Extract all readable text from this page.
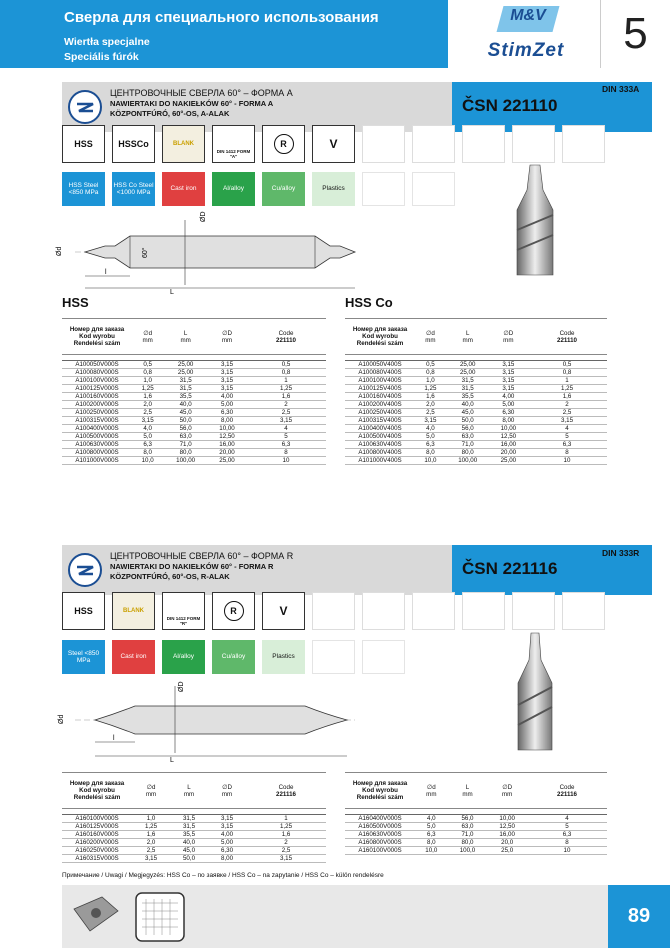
Сверла для специального использования
Wiertła specjalne
Speciális fúrók
M&V
StimZet	5
ЦЕНТРОВОЧНЫЕ СВЕРЛА 60° – ФОРМА А
NAWIERTAKI DO NAKIEŁKÓW 60° - FORMA A
KÖZPONTFÚRÓ, 60°-OS, A-ALAK	ČSN 221110
DIN 333A
HSS	HSSCo	BLANK
DIN 1412 FORM "A"
R	V
HSS Steel <850 MPa
HSS Co Steel <1000 MPa
Cast iron	Al/alloy	Cu/alloy	Plastics
Ød
ØD
60°
l
L
HSS	HSS Co
Номер для заказа
Kod wyrobu
Rendelési szám	∅d
mm	L
mm	∅D
mm	Code
221110

A100050V000S	0,5	25,00	3,15	0,5
A100080V000S	0,8	25,00	3,15	0,8
A100100V000S	1,0	31,5	3,15	1
A100125V000S	1,25	31,5	3,15	1,25
A100160V000S	1,6	35,5	4,00	1,6
A100200V000S	2,0	40,0	5,00	2
A100250V000S	2,5	45,0	6,30	2,5
A100315V000S	3,15	50,0	8,00	3,15
A100400V000S	4,0	56,0	10,00	4
A100500V000S	5,0	63,0	12,50	5
A100630V000S	6,3	71,0	16,00	6,3
A100800V000S	8,0	80,0	20,00	8
A101000V000S	10,0	100,00	25,00	10
Номер для заказа
Kod wyrobu
Rendelési szám	∅d
mm	L
mm	∅D
mm	Code
221110

A100050V400S	0,5	25,00	3,15	0,5
A100080V400S	0,8	25,00	3,15	0,8
A100100V400S	1,0	31,5	3,15	1
A100125V400S	1,25	31,5	3,15	1,25
A100160V400S	1,6	35,5	4,00	1,6
A100200V400S	2,0	40,0	5,00	2
A100250V400S	2,5	45,0	6,30	2,5
A100315V400S	3,15	50,0	8,00	3,15
A100400V400S	4,0	56,0	10,00	4
A100500V400S	5,0	63,0	12,50	5
A100630V400S	6,3	71,0	16,00	6,3
A100800V400S	8,0	80,0	20,00	8
A101000V400S	10,0	100,00	25,00	10
ЦЕНТРОВОЧНЫЕ СВЕРЛА 60° – ФОРМА R
NAWIERTAKI DO NAKIEŁKÓW 60° - FORMA R
KÖZPONTFÚRÓ, 60°-OS, R-ALAK	ČSN 221116
DIN 333R
HSS	BLANK
DIN 1412 FORM "R"
R	V
Steel <850 MPa
Cast iron	Al/alloy	Cu/alloy	Plastics
Ød
ØD
l
L
Номер для заказа
Kod wyrobu
Rendelési szám	∅d
mm	L
mm	∅D
mm	Code
221116

A160100V000S	1,0	31,5	3,15	1
A160125V000S	1,25	31,5	3,15	1,25
A160160V000S	1,6	35,5	4,00	1,6
A160200V000S	2,0	40,0	5,00	2
A160250V000S	2,5	45,0	6,30	2,5
A160315V000S	3,15	50,0	8,00	3,15
Номер для заказа
Kod wyrobu
Rendelési szám	∅d
mm	L
mm	∅D
mm	Code
221116

A160400V000S	4,0	56,0	10,00	4
A160500V000S	5,0	63,0	12,50	5
A160630V000S	6,3	71,0	16,00	6,3
A160800V000S	8,0	80,0	20,0	8
A160100V000S	10,0	100,0	25,0	10
Примечание / Uwagi / Megjegyzés: HSS Co – по заявке / HSS Co – na zapytanie / HSS Co – külön rendelésre
89
